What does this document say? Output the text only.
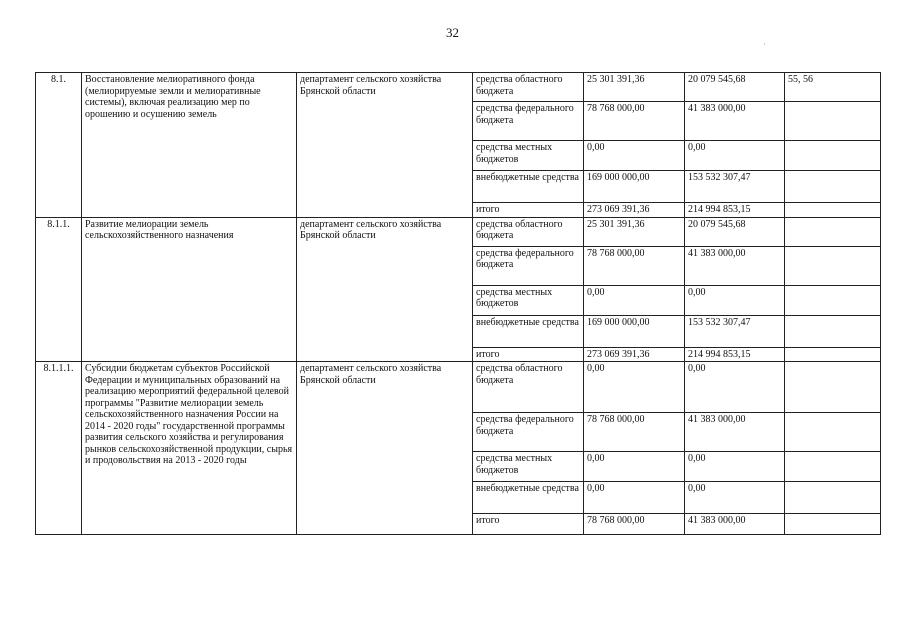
32
·
8.1.	Восстановление мелиоративного фонда (мелиорируемые земли и мелиоративные системы), включая реализацию мер по орошению и осушению земель	департамент сельского хозяйства Брянской области	средства областного бюджета	25 301 391,36	20 079 545,68	55, 56
			средства федерального бюджета	78 768 000,00	41 383 000,00	
			средства местных бюджетов	0,00	0,00	
			внебюджетные средства	169 000 000,00	153 532 307,47	
			итого	273 069 391,36	214 994 853,15	
8.1.1.	Развитие мелиорации земель сельскохозяйственного назначения	департамент сельского хозяйства Брянской области	средства областного бюджета	25 301 391,36	20 079 545,68	
			средства федерального бюджета	78 768 000,00	41 383 000,00	
			средства местных бюджетов	0,00	0,00	
			внебюджетные средства	169 000 000,00	153 532 307,47	
			итого	273 069 391,36	214 994 853,15	
8.1.1.1.	Субсидии бюджетам субъектов Российской Федерации и муниципальных образований на реализацию мероприятий федеральной целевой программы "Развитие мелиорации земель сельскохозяйственного назначения России на 2014 - 2020 годы" государственной программы развития сельского хозяйства и регулирования рынков сельскохозяйственной продукции, сырья и продовольствия на 2013 - 2020 годы	департамент сельского хозяйства Брянской области	средства областного бюджета	0,00	0,00	
			средства федерального бюджета	78 768 000,00	41 383 000,00	
			средства местных бюджетов	0,00	0,00	
			внебюджетные средства	0,00	0,00	
			итого	78 768 000,00	41 383 000,00	
